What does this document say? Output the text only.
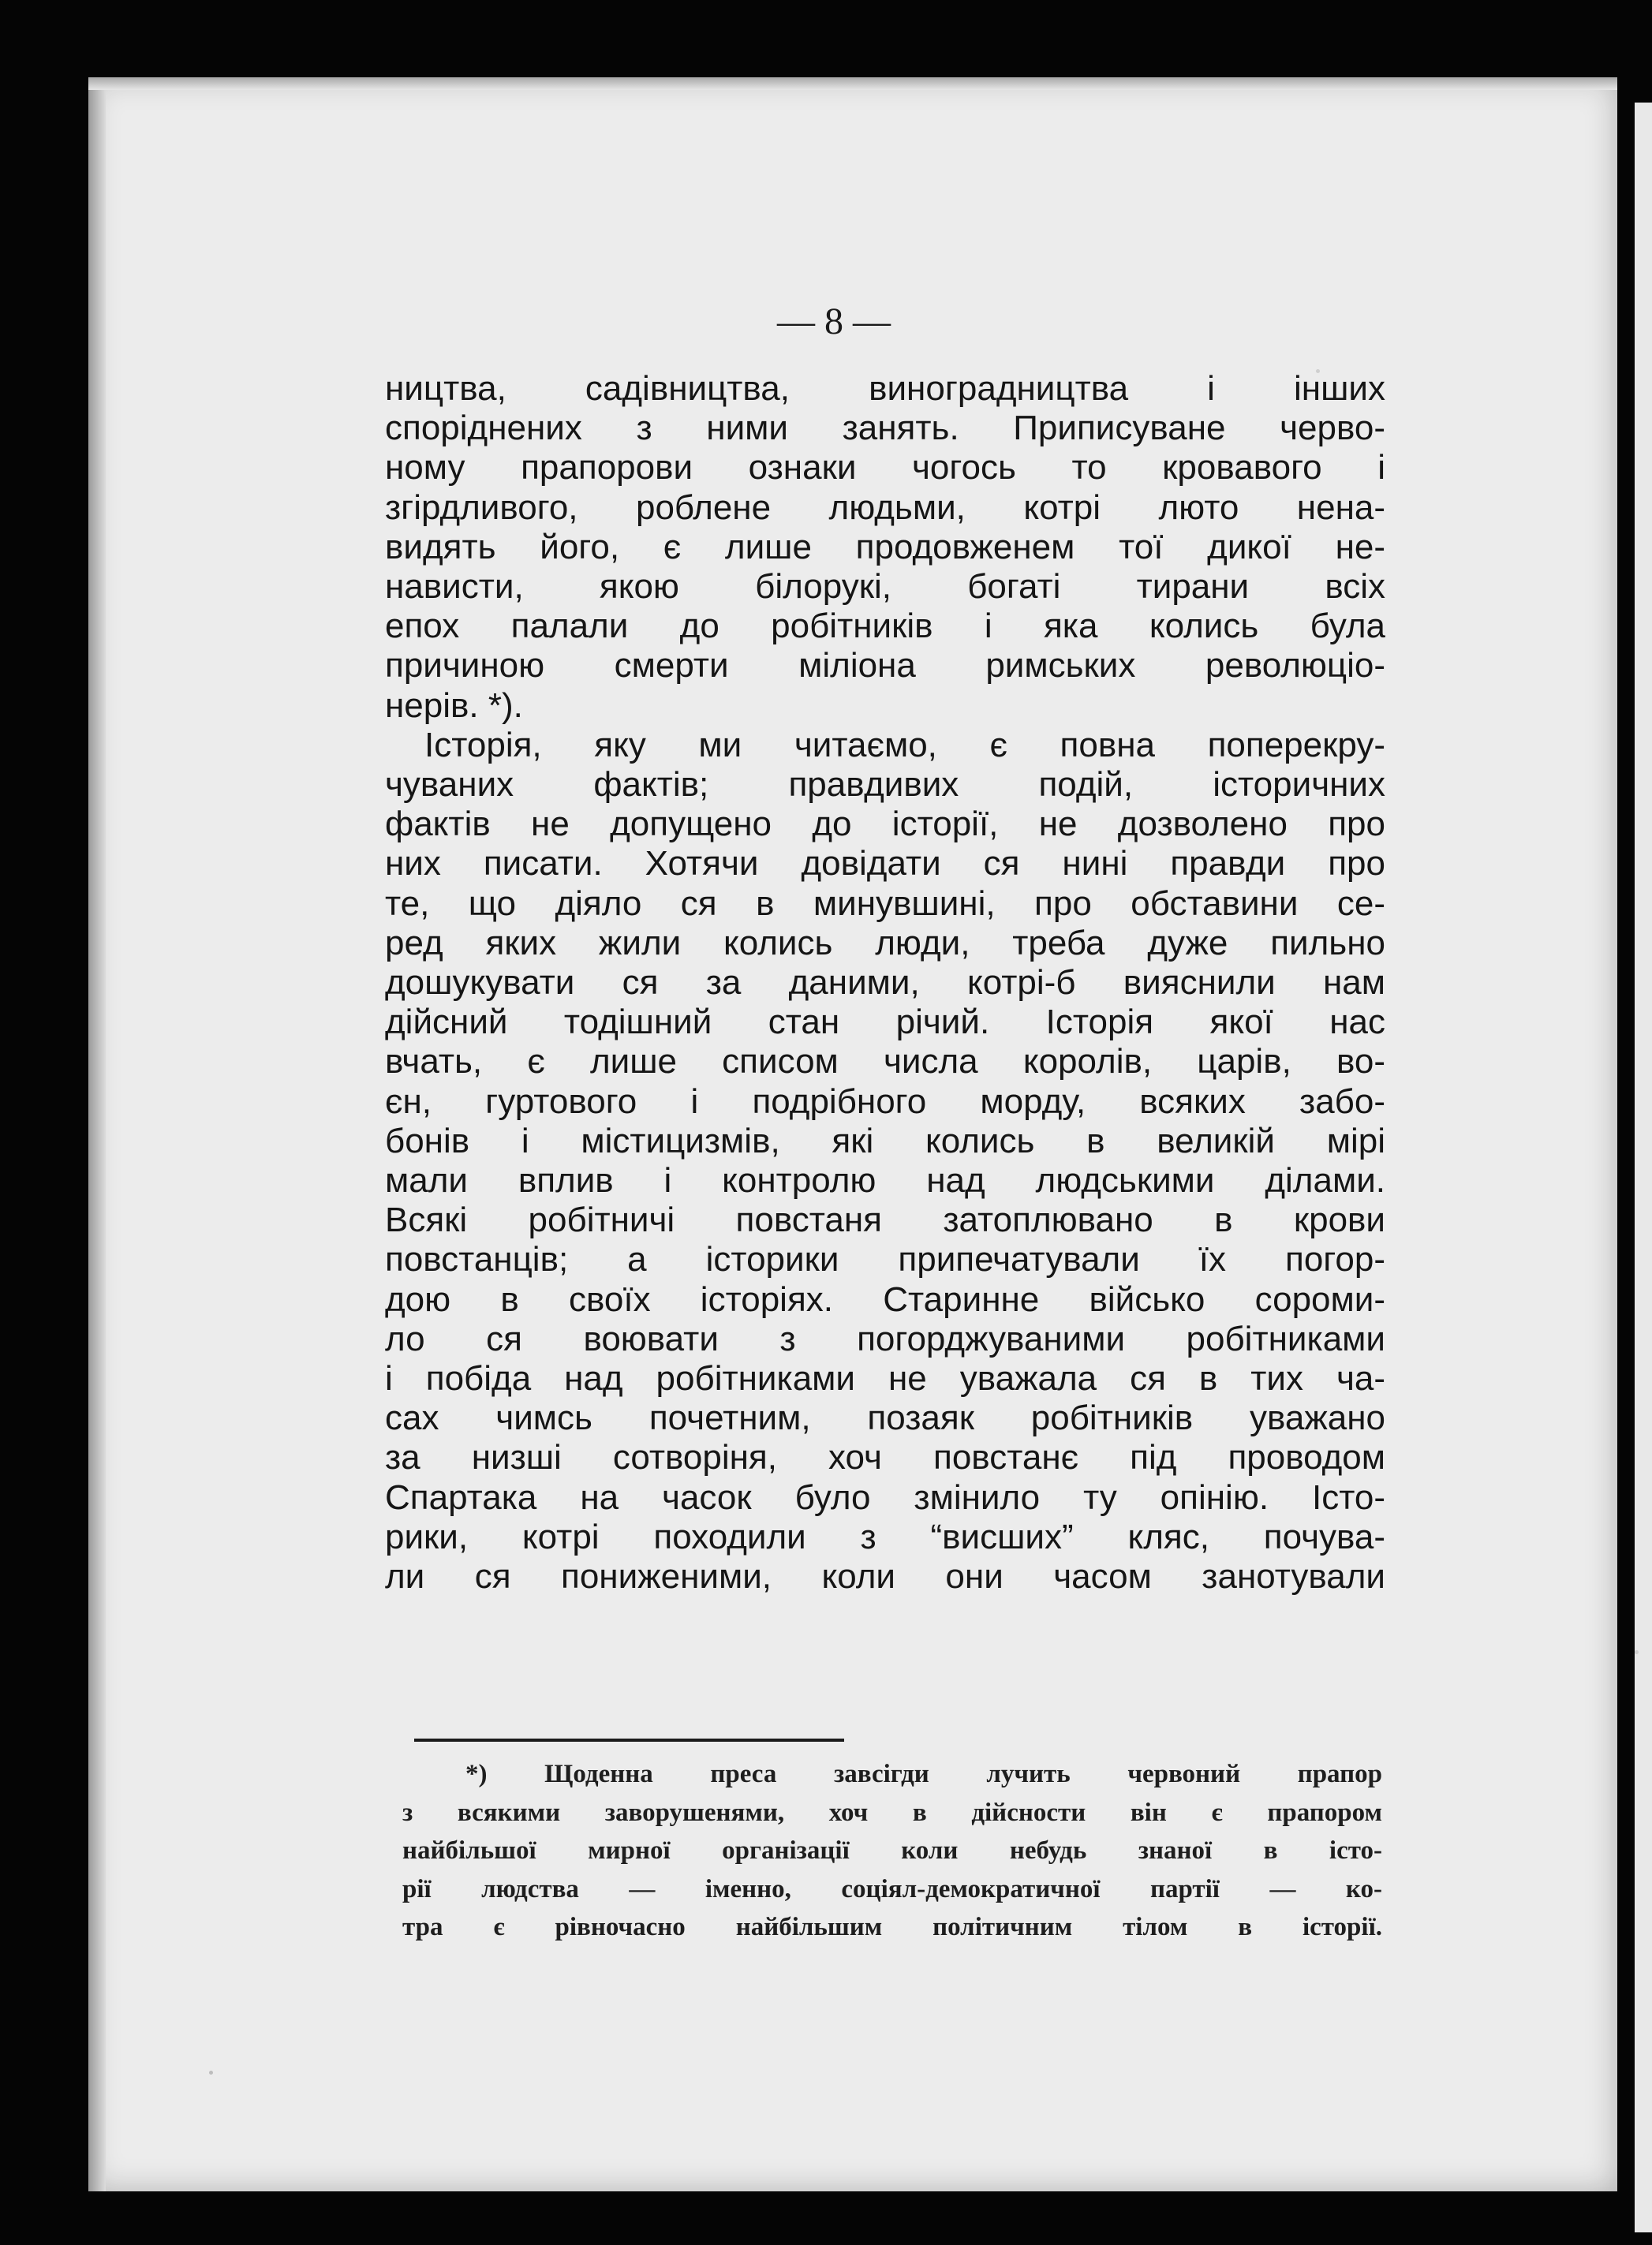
— 8 —
ництва, садівництва, виноградництва і інших
споріднених з ними занять. Приписуване черво-
ному прапорови ознаки чогось то кровавого і
згірдливого, роблене людьми, котрі люто нена-
видять його, є лише продовженем тої дикої не-
нависти, якою білорукі, богаті тирани всіх
епох палали до робітників і яка колись була
причиною смерти міліона римських революціо-
нерів. *).
Історія, яку ми читаємо, є повна поперекру-
чуваних фактів; правдивих подій, історичних
фактів не допущено до історії, не дозволено про
них писати. Хотячи довідати ся нині правди про
те, що діяло ся в минувшині, про обставини се-
ред яких жили колись люди, треба дуже пильно
дошукувати ся за даними, котрі-б вияснили нам
дійсний тодішний стан річий. Історія якої нас
вчать, є лише списом числа королів, царів, во-
єн, гуртового і подрібного морду, всяких забо-
бонів і містицизмів, які колись в великій мірі
мали вплив і контролю над людськими ділами.
Всякі робітничі повстаня затоплювано в крови
повстанців; а історики припечатували їх погор-
дою в своїх історіях. Старинне військо сороми-
ло ся воювати з погорджуваними робітниками
і побіда над робітниками не уважала ся в тих ча-
сах чимсь почетним, позаяк робітників уважано
за низші сотворіня, хоч повстанє під проводом
Спартака на часок було змінило ту опінію. Істо-
рики, котрі походили з “висших” кляс, почува-
ли ся пониженими, коли они часом занотували
*) Щоденна преса завсігди лучить червоний прапор
з всякими заворушенями, хоч в дійсности він є прапором
найбільшої мирної організації коли небудь знаної в істо-
рії людства — іменно, соціял-демократичної партії — ко-
тра є рівночасно найбільшим політичним тілом в історії.
